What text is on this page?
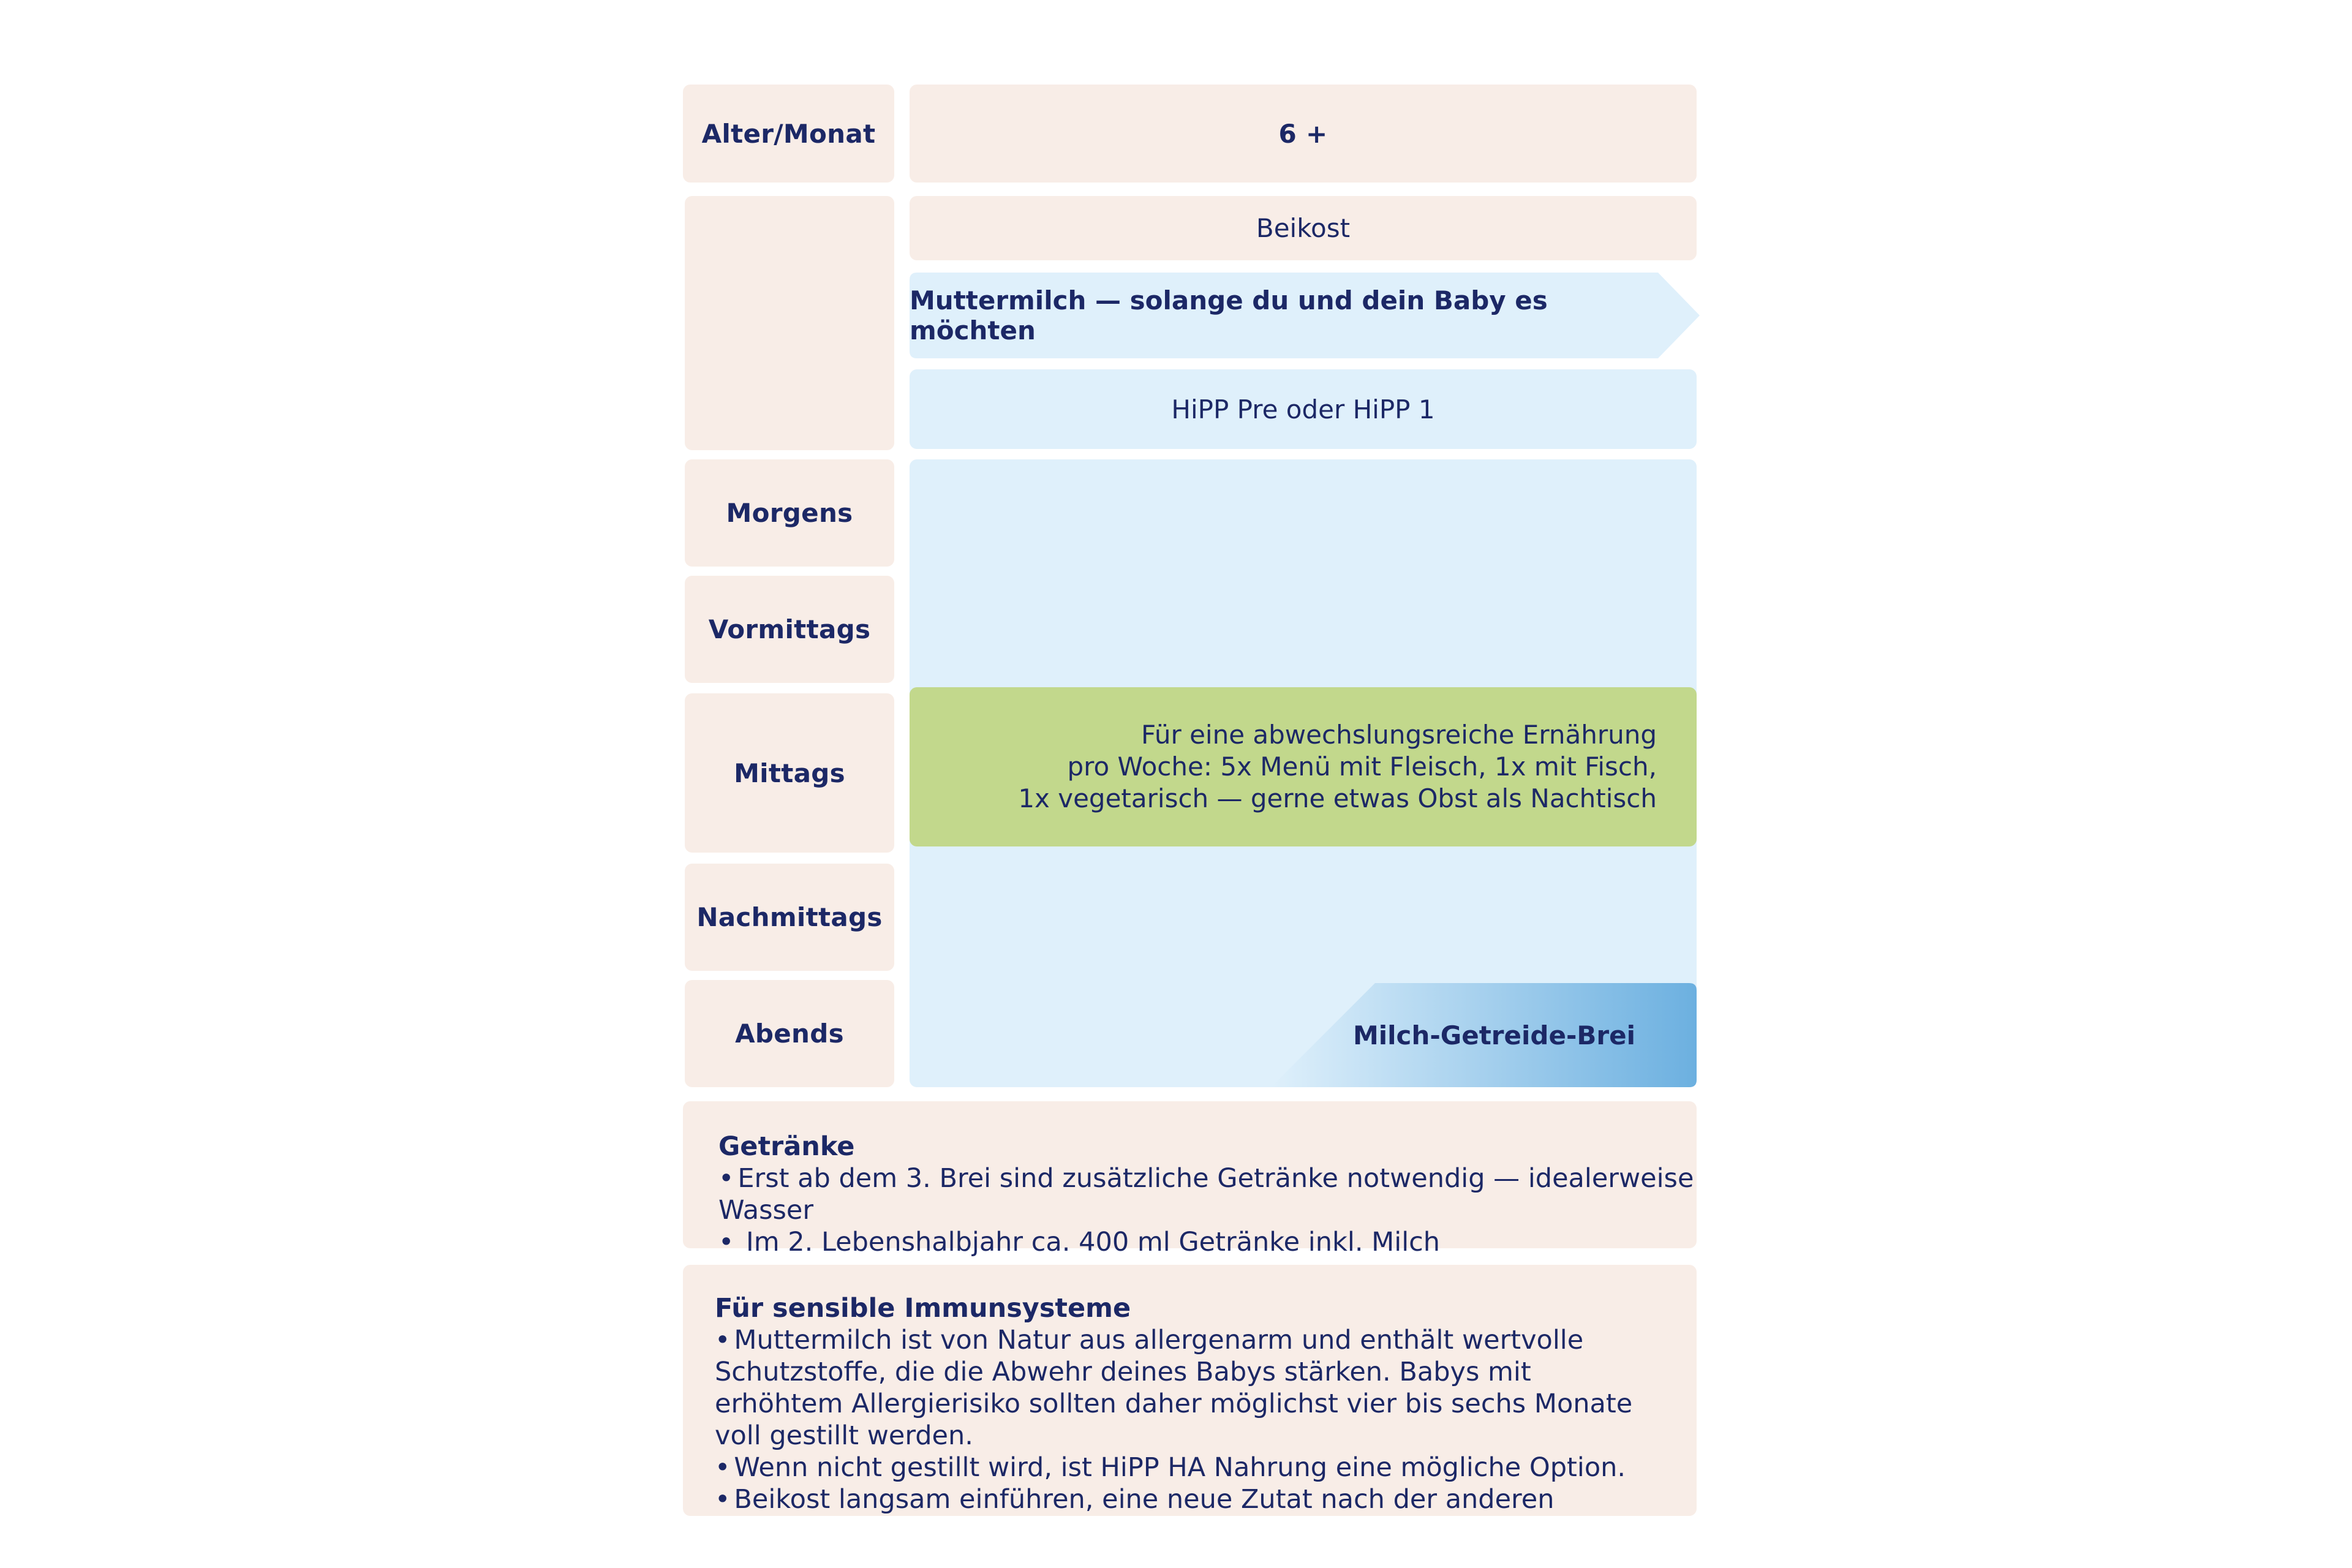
Alter/Monat	6 +
Beikost
Muttermilch — solange du und dein Baby es möchten
HiPP Pre oder HiPP 1
Morgens
Vormittags
Mittags
Nachmittags
Abends
Für eine abwechslungsreiche Ernährung
pro Woche: 5x Menü mit Fleisch, 1x mit Fisch,
1x vegetarisch — gerne etwas Obst als Nachtisch
Milch-Getreide-Brei
Getränke
• Erst ab dem 3. Brei sind zusätzliche Getränke notwendig — idealerweise Wasser
• Im 2. Lebenshalbjahr ca. 400 ml Getränke inkl. Milch
Für sensible Immunsysteme
• Muttermilch ist von Natur aus allergenarm und enthält wertvolle Schutzstoffe, die die Abwehr deines Babys stärken. Babys mit erhöhtem Allergierisiko sollten daher möglichst vier bis sechs Monate voll gestillt werden.
• Wenn nicht gestillt wird, ist HiPP HA Nahrung eine mögliche Option.
• Beikost langsam einführen, eine neue Zutat nach der anderen
